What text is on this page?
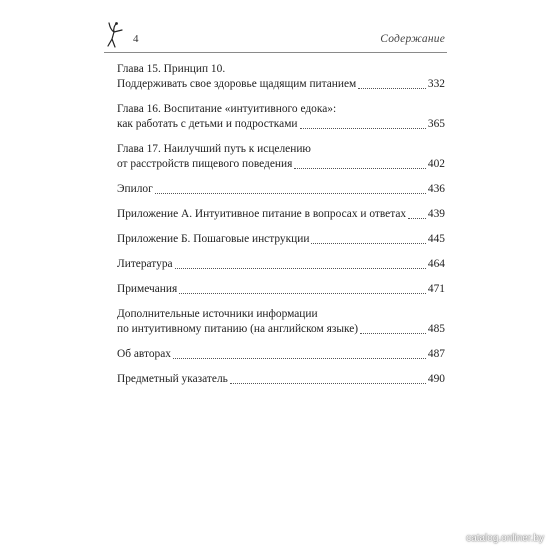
4	Содержание
Глава 15. Принцип 10.
Поддерживать свое здоровье щадящим питанием	332
Глава 16. Воспитание «интуитивного едока»:
как работать с детьми и подростками	365
Глава 17. Наилучший путь к исцелению
от расстройств пищевого поведения	402
Эпилог	436
Приложение А. Интуитивное питание в вопросах и ответах 439
Приложение Б. Пошаговые инструкции	445
Литература	464
Примечания	471
Дополнительные источники информации
по интуитивному питанию (на английском языке)	485
Об авторах	487
Предметный указатель	490
catalog.onliner.by
